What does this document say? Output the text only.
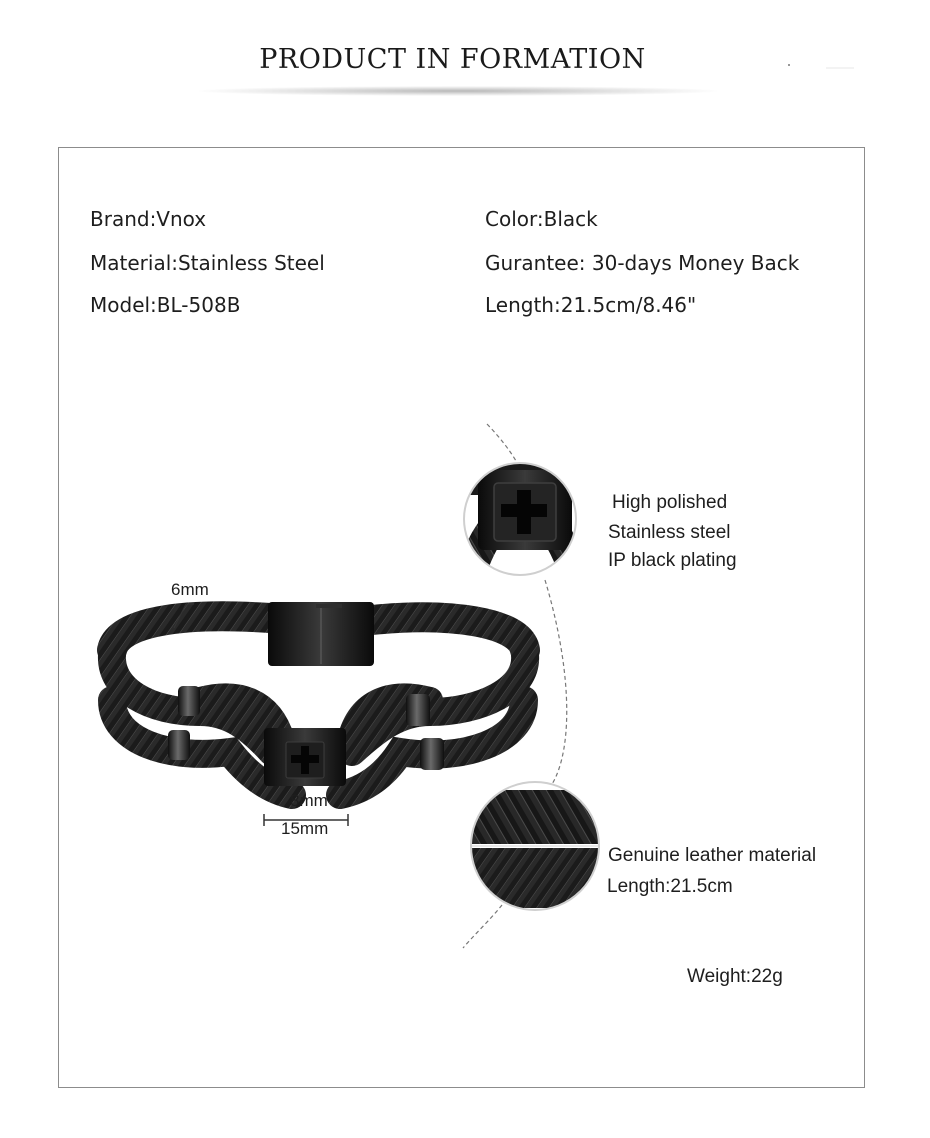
PRODUCT IN FORMATION
Brand:Vnox
Material:Stainless Steel
Model:BL-508B
Color:Black
Gurantee: 30-days Money Back
Length:21.5cm/8.46"
6mm
8mm
15mm
High polished
Stainless steel
IP black plating
Genuine leather material
Length:21.5cm
Weight:22g
